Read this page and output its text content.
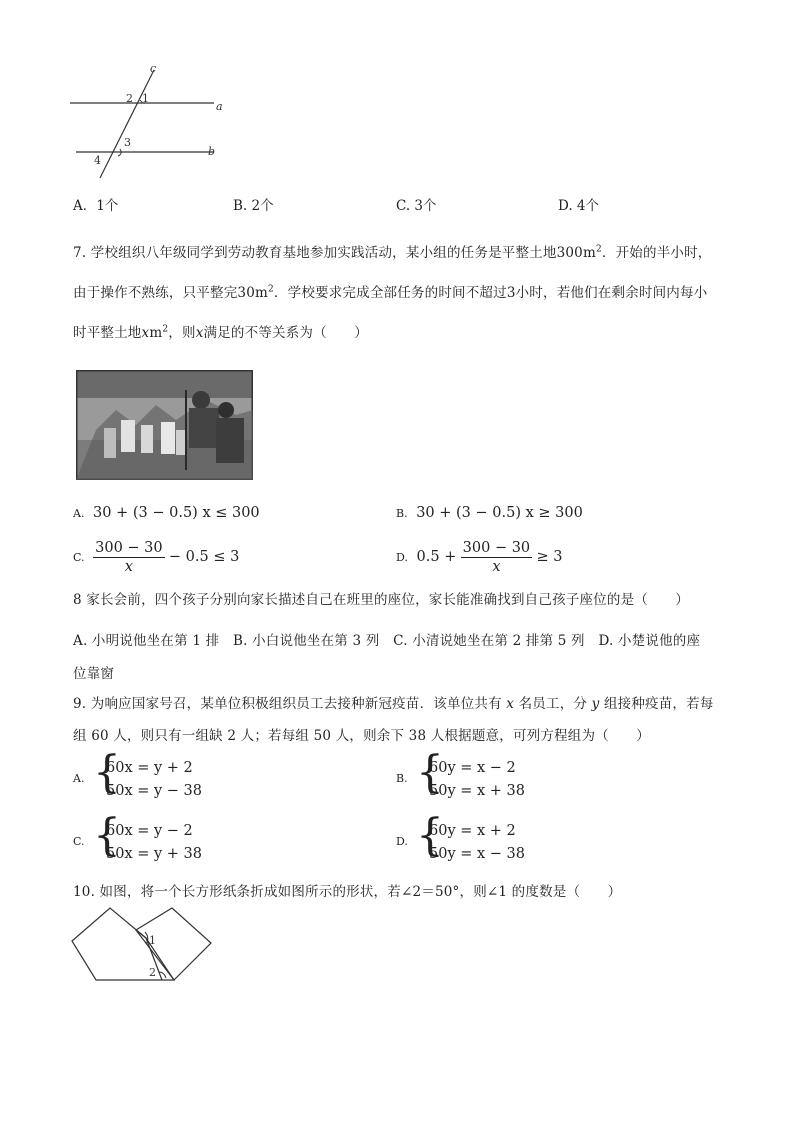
c
a
b
1
2
3
4
A．1个	B. 2个	C. 3个	D. 4个
7. 学校组织八年级同学到劳动教育基地参加实践活动，某小组的任务是平整土地$300m^2$．开始的半小时，
由于操作不熟练，只平整完$30m^2$．学校要求完成全部任务的时间不超过3小时，若他们在剩余时间内每小
时平整土地$xm^2$，则x满足的不等关系为（　　）
A. 30 + (3 − 0.5) x ≤ 300	B. 30 + (3 − 0.5) x ≥ 300
C. $\frac{300 - 30}{x} - 0.5 \le 3$	D. $0.5 + \frac{300 - 30}{x} \ge 3$
8 家长会前，四个孩子分别向家长描述自己在班里的座位，家长能准确找到自己孩子座位的是（　　）
A. 小明说他坐在第 1 排　B. 小白说他坐在第 3 列　C. 小清说她坐在第 2 排第 5 列　D. 小楚说他的座
位靠窗
9. 为响应国家号召，某单位积极组织员工去接种新冠疫苗．该单位共有 x 名员工，分 y 组接种疫苗，若每
组 60 人，则只有一组缺 2 人；若每组 50 人，则余下 38 人根据题意，可列方程组为（　　）
A. {
60x = y + 2
50x = y − 38
B. {
60y = x − 2
50y = x + 38
C. {
60x = y − 2
50x = y + 38
D. {
60y = x + 2
50y = x − 38
10. 如图，将一个长方形纸条折成如图所示的形状，若∠2＝50°，则∠1 的度数是（　　）
1
2
